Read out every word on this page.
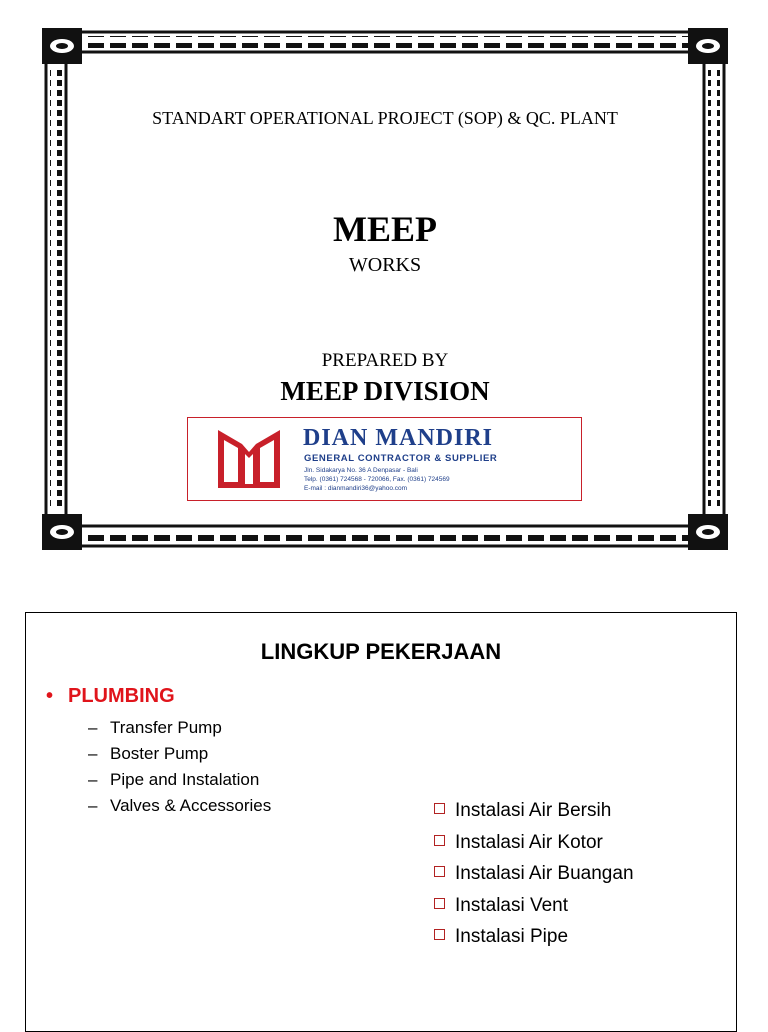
STANDART OPERATIONAL PROJECT (SOP) & QC. PLANT
MEEP
WORKS
PREPARED BY
MEEP DIVISION
DIAN MANDIRI
GENERAL CONTRACTOR & SUPPLIER
Jln. Sidakarya No. 36 A Denpasar - Bali
Telp. (0361) 724568 - 720066, Fax. (0361) 724569
E-mail : dianmandiri36@yahoo.com
LINGKUP PEKERJAAN
• PLUMBING
– Transfer Pump
– Boster Pump
– Pipe and Instalation
– Valves & Accessories	Instalasi Air Bersih
Instalasi Air Kotor
Instalasi Air Buangan
Instalasi Vent
Instalasi Pipe
